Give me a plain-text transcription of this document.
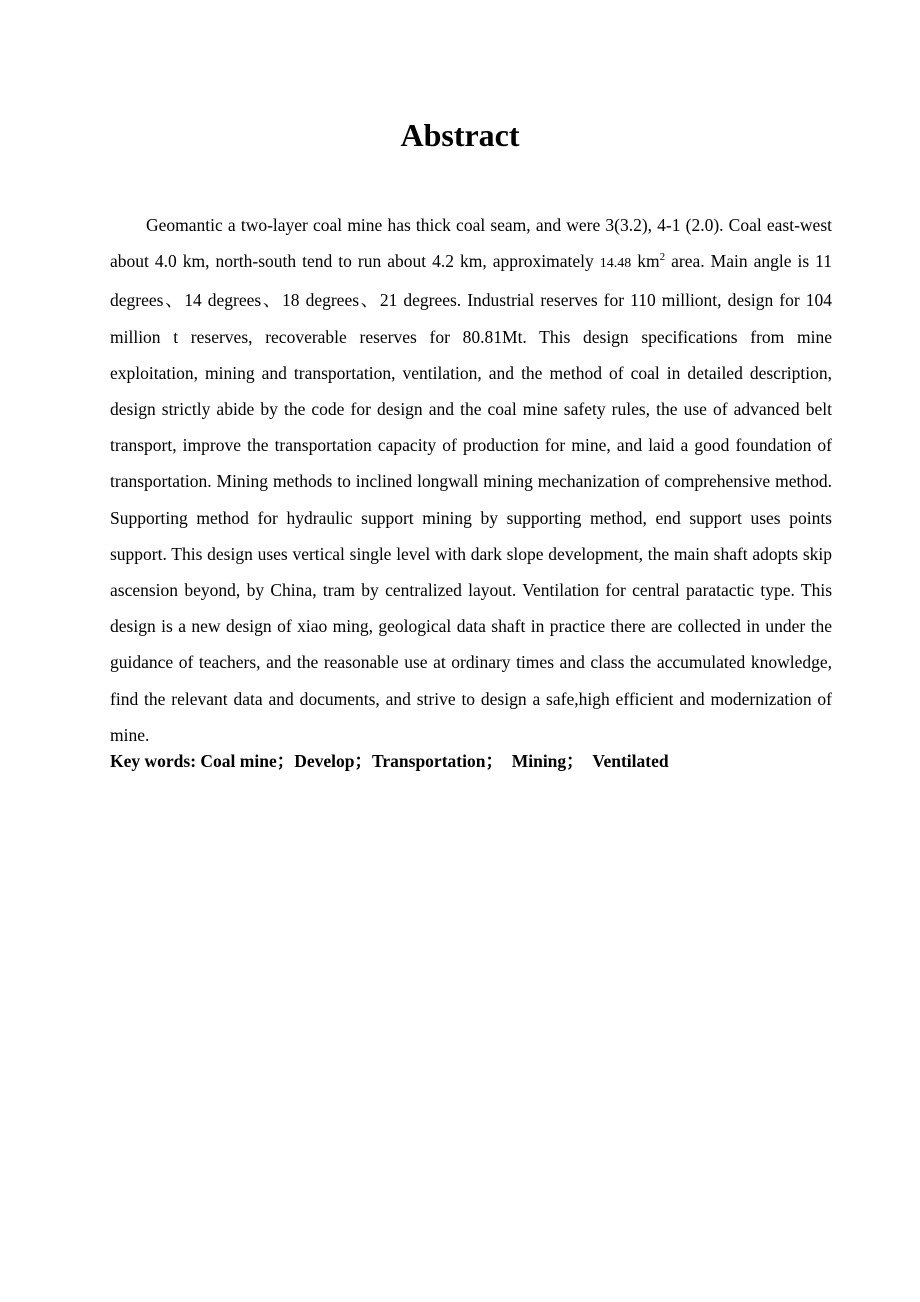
Abstract

Geomantic a two-layer coal mine has thick coal seam, and were 3(3.2), 4-1 (2.0). Coal east-west about 4.0 km, north-south tend to run about 4.2 km, approximately 14.48 $km^2$ area. Main angle is 11 degrees、14 degrees、18 degrees、21 degrees. Industrial reserves for 110 milliont, design for 104 million t reserves, recoverable reserves for 80.81Mt. This design specifications from mine exploitation, mining and transportation, ventilation, and the method of coal in detailed description, design strictly abide by the code for design and the coal mine safety rules, the use of advanced belt transport, improve the transportation capacity of production for mine, and laid a good foundation of transportation. Mining methods to inclined longwall mining mechanization of comprehensive method. Supporting method for hydraulic support mining by supporting method, end support uses points support. This design uses vertical single level with dark slope development, the main shaft adopts skip ascension beyond, by China, tram by centralized layout. Ventilation for central paratactic type. This design is a new design of xiao ming, geological data shaft in practice there are collected in under the guidance of teachers, and the reasonable use at ordinary times and class the accumulated knowledge, find the relevant data and documents, and strive to design a safe,high efficient and modernization of mine.

Key words: Coal mine；Develop；Transportation；　Mining；　Ventilated
